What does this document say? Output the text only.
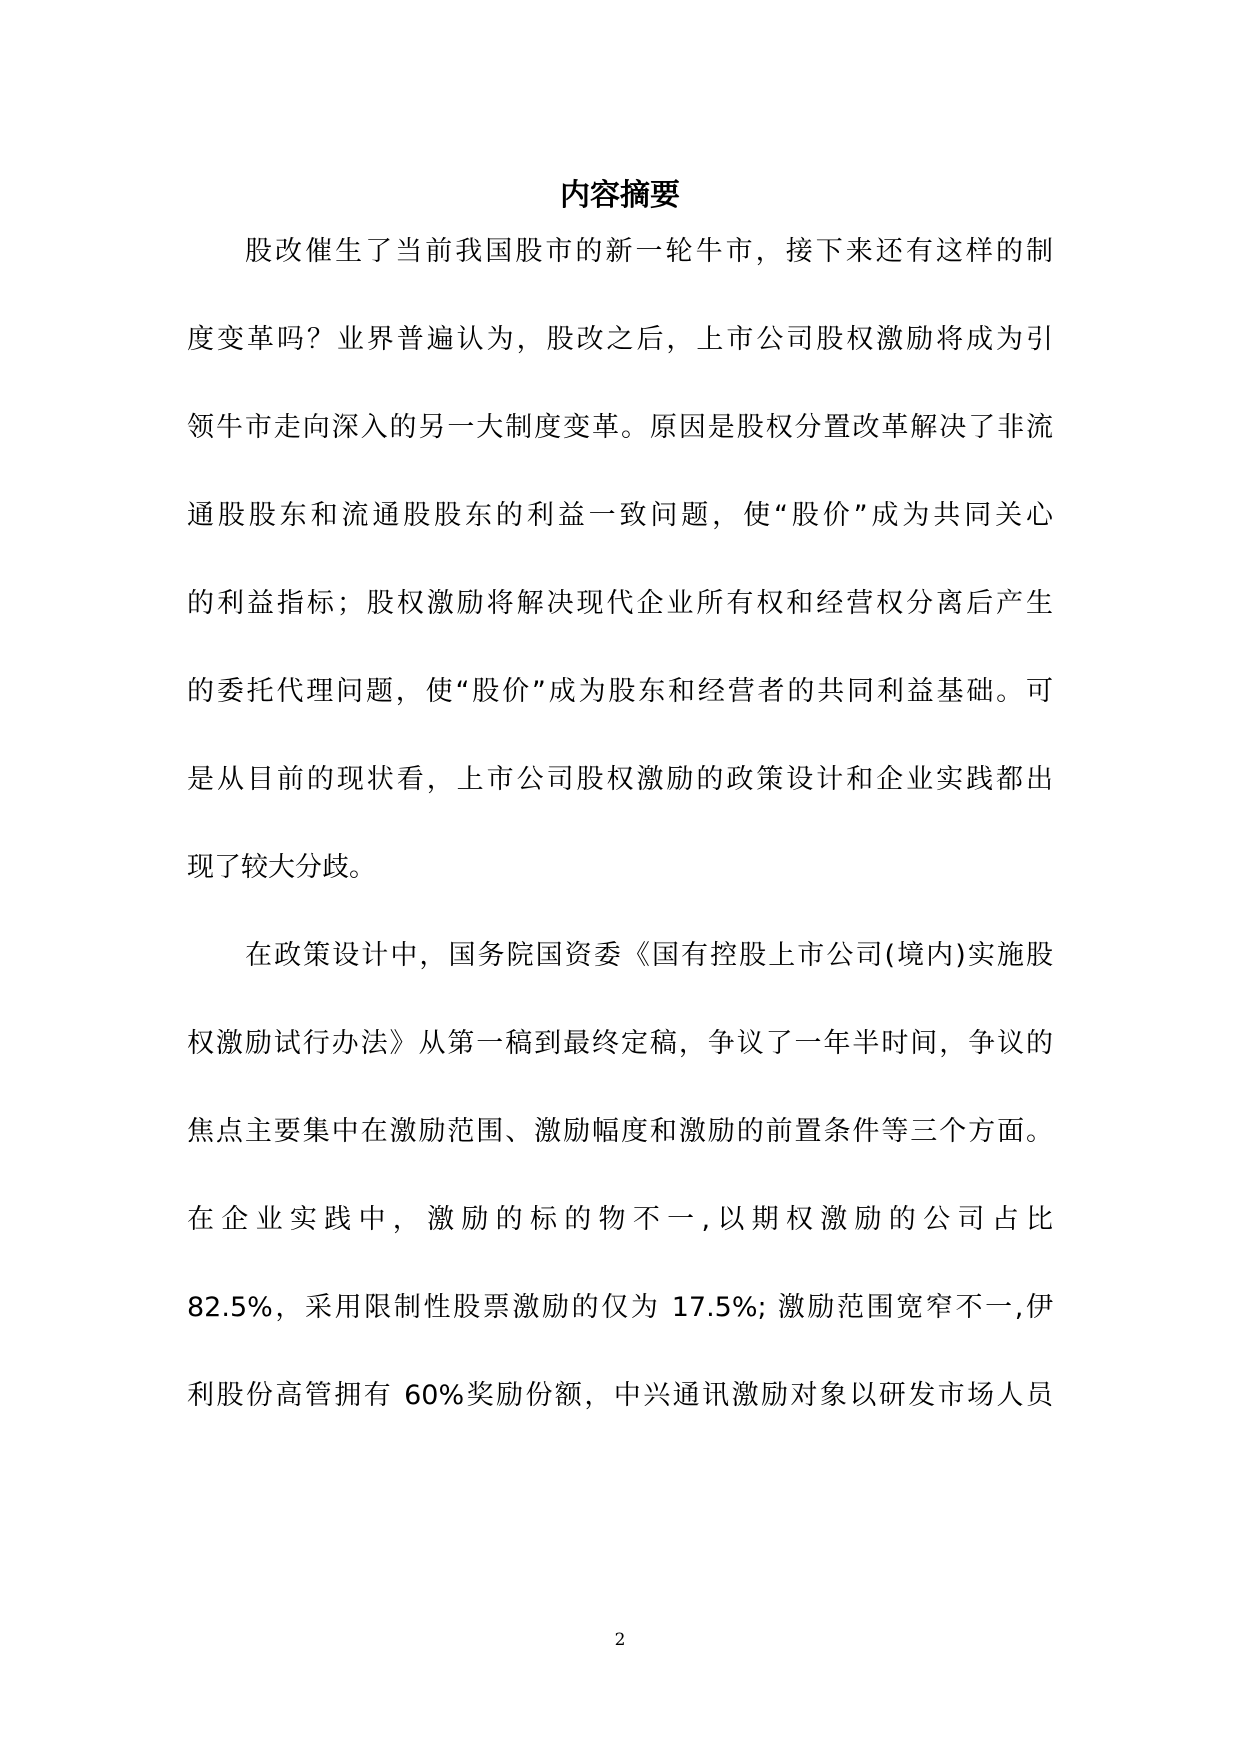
内容摘要

股改催生了当前我国股市的新一轮牛市，接下来还有这样的制

度变革吗？业界普遍认为，股改之后，上市公司股权激励将成为引

领牛市走向深入的另一大制度变革。原因是股权分置改革解决了非流

通股股东和流通股股东的利益一致问题，使“股价”成为共同关心

的利益指标；股权激励将解决现代企业所有权和经营权分离后产生

的委托代理问题，使“股价”成为股东和经营者的共同利益基础。可

是从目前的现状看，上市公司股权激励的政策设计和企业实践都出

现了较大分歧。

在政策设计中，国务院国资委《国有控股上市公司(境内)实施股

权激励试行办法》从第一稿到最终定稿，争议了一年半时间，争议的

焦点主要集中在激励范围、激励幅度和激励的前置条件等三个方面。

在企业实践中，激励的标的物不一,以期权激励的公司占比

82.5%，采用限制性股票激励的仅为 17.5%; 激励范围宽窄不一,伊

利股份高管拥有 60%奖励份额，中兴通讯激励对象以研发市场人员

2
